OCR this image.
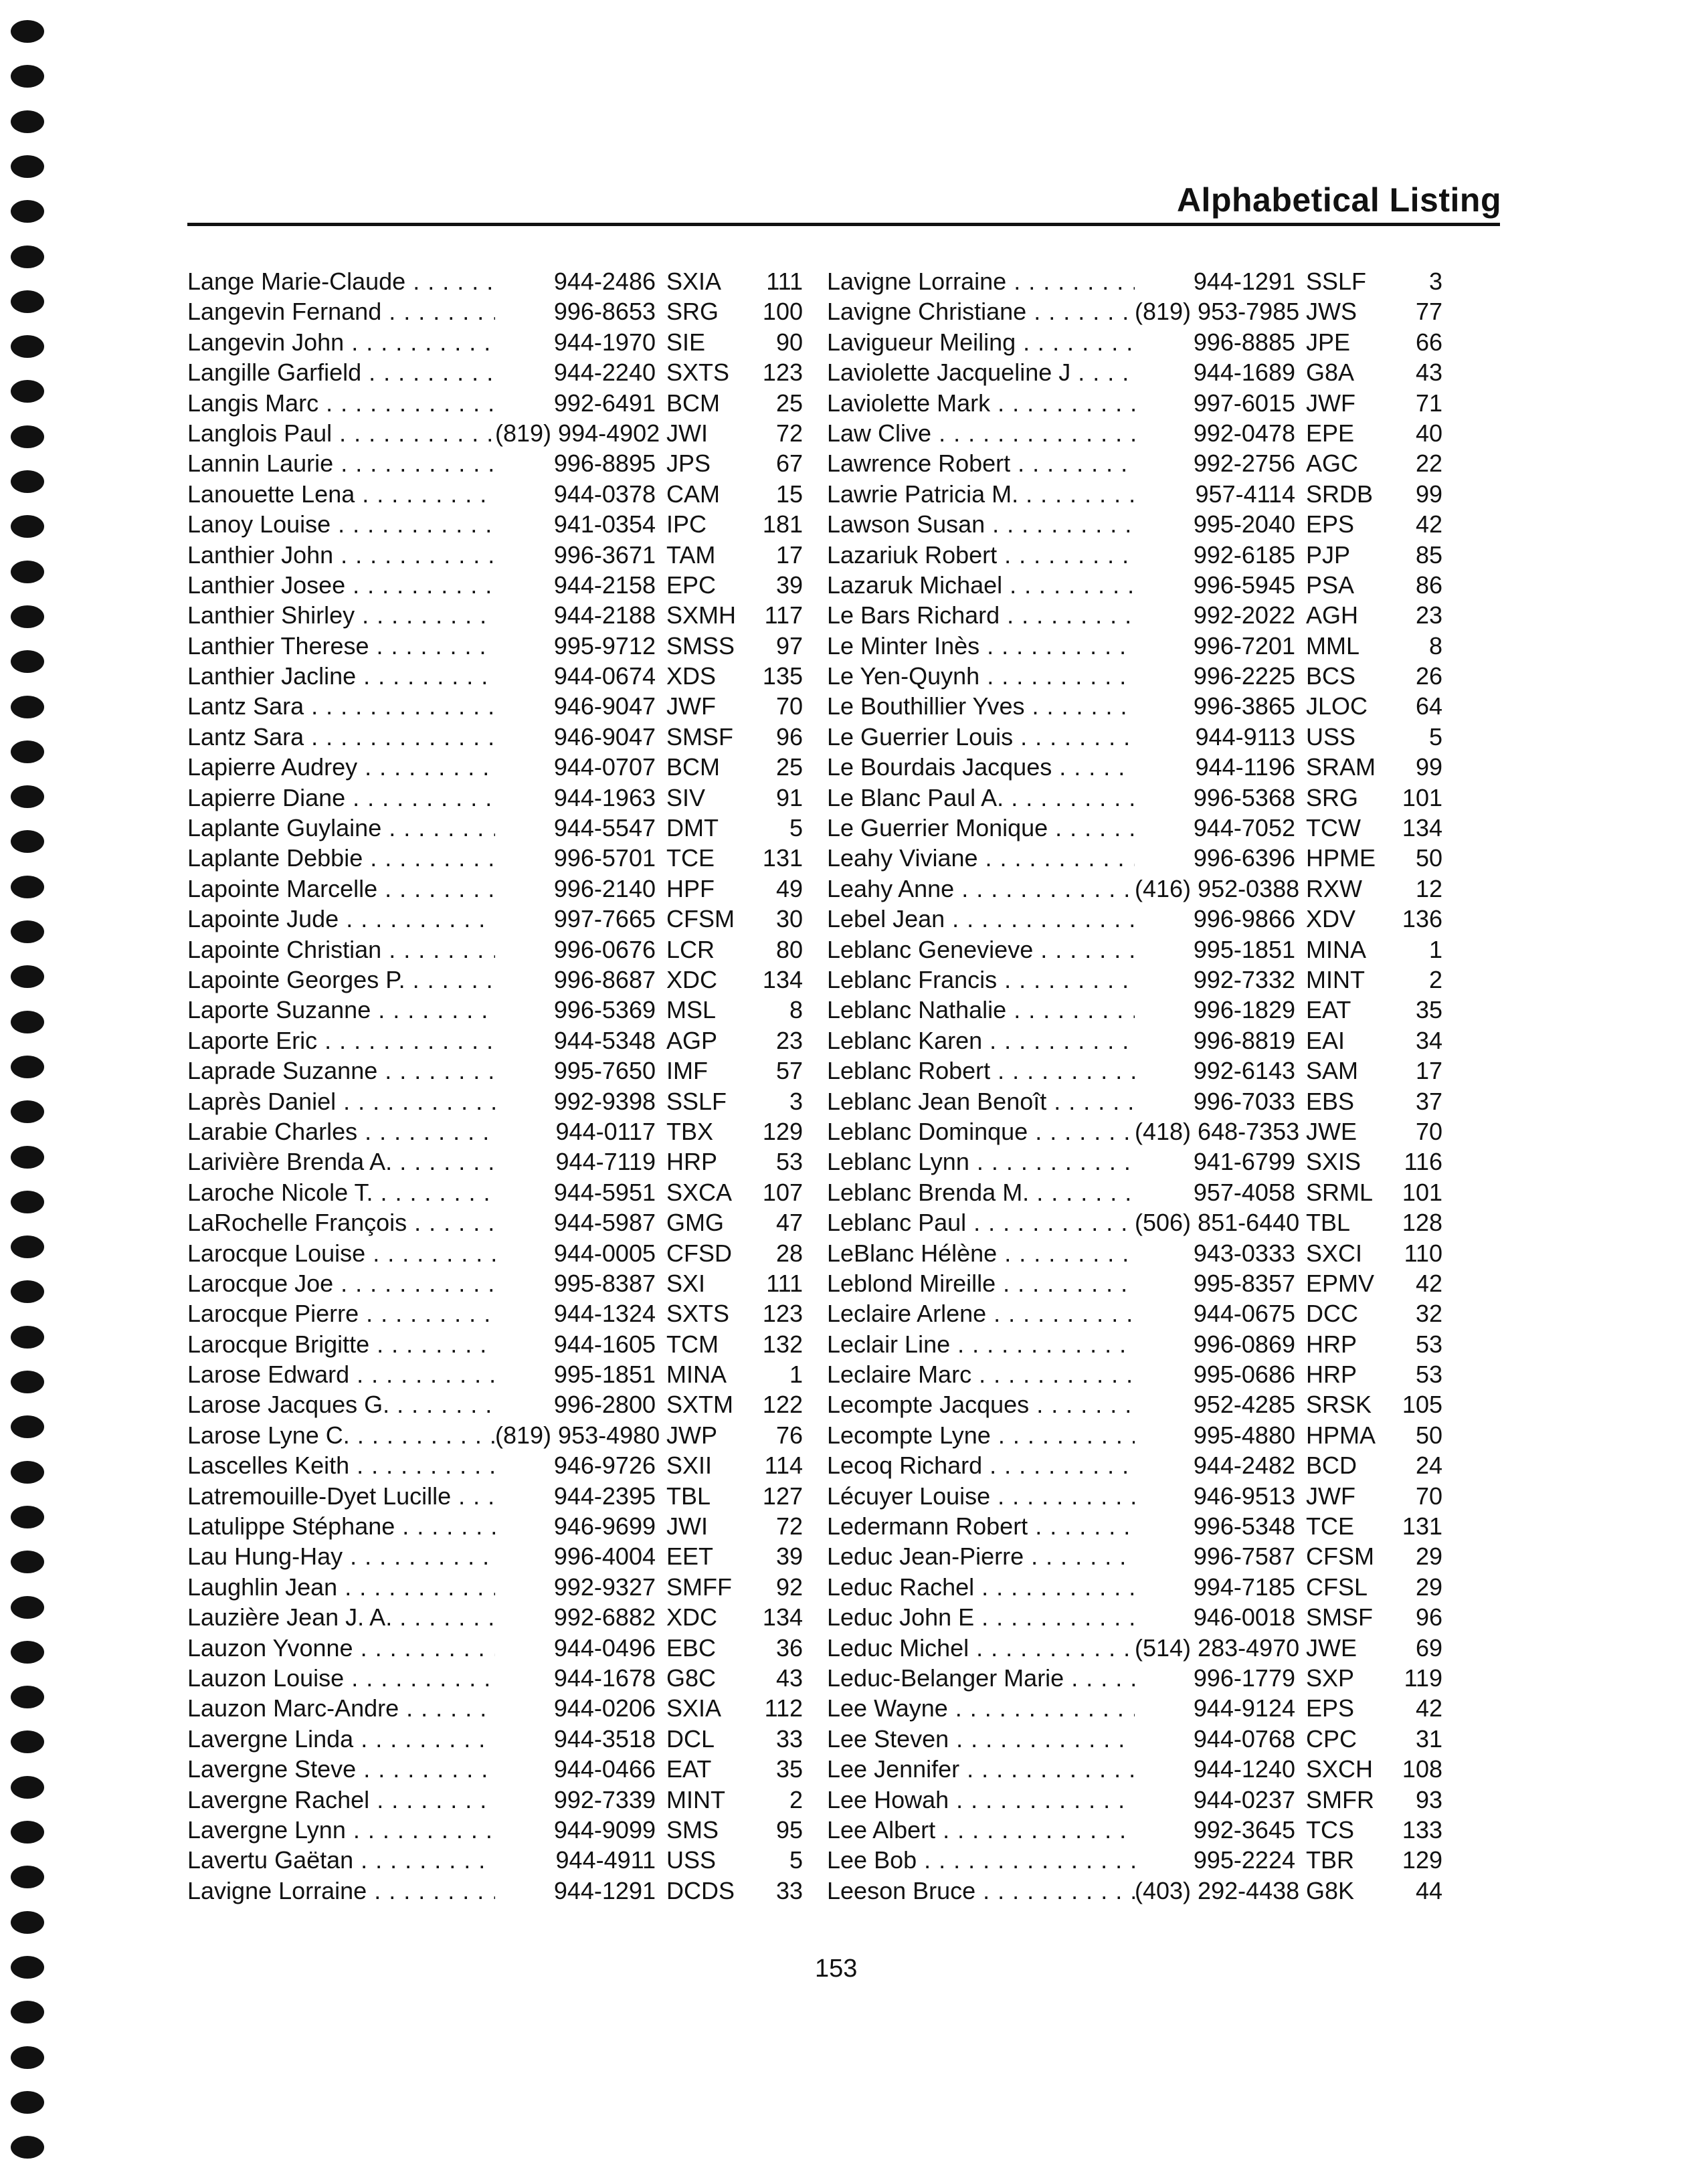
Alphabetical Listing
Lange Marie-Claude . . .	944-2486 SXIA	111
Langevin Fernand . . .	996-8653 SRG	100
Langevin John . . .	944-1970 SIE	90
Langille Garfield . . .	944-2240 SXTS	123
Langis Marc . . .	992-6491 BCM	25
Langlois Paul . . .	(819) 994-4902 JWI	72
Lannin Laurie . . .	996-8895 JPS	67
Lanouette Lena . . .	944-0378 CAM	15
Lanoy Louise . . .	941-0354 IPC	181
Lanthier John . . .	996-3671 TAM	17
Lanthier Josee . . .	944-2158 EPC	39
Lanthier Shirley . . .	944-2188 SXMH	117
Lanthier Therese . . .	995-9712 SMSS	97
Lanthier Jacline . . .	944-0674 XDS	135
Lantz Sara . . .	946-9047 JWF	70
Lantz Sara . . .	946-9047 SMSF	96
Lapierre Audrey . . .	944-0707 BCM	25
Lapierre Diane . . .	944-1963 SIV	91
Laplante Guylaine . . .	944-5547 DMT	5
Laplante Debbie . . .	996-5701 TCE	131
Lapointe Marcelle . . .	996-2140 HPF	49
Lapointe Jude . . .	997-7665 CFSM	30
Lapointe Christian . . .	996-0676 LCR	80
Lapointe Georges P. . . .	996-8687 XDC	134
Laporte Suzanne . . .	996-5369 MSL	8
Laporte Eric . . .	944-5348 AGP	23
Laprade Suzanne . . .	995-7650 IMF	57
Laprès Daniel . . .	992-9398 SSLF	3
Larabie Charles . . .	944-0117 TBX	129
Larivière Brenda A. . . .	944-7119 HRP	53
Laroche Nicole T. . . .	944-5951 SXCA	107
LaRochelle François . . .	944-5987 GMG	47
Larocque Louise . . .	944-0005 CFSD	28
Larocque Joe . . .	995-8387 SXI	111
Larocque Pierre . . .	944-1324 SXTS	123
Larocque Brigitte . . .	944-1605 TCM	132
Larose Edward . . .	995-1851 MINA	1
Larose Jacques G. . . .	996-2800 SXTM	122
Larose Lyne C. . . .	(819) 953-4980 JWP	76
Lascelles Keith . . .	946-9726 SXII	114
Latremouille-Dyet Lucille . . .	944-2395 TBL	127
Latulippe Stéphane . . .	946-9699 JWI	72
Lau Hung-Hay . . .	996-4004 EET	39
Laughlin Jean . . .	992-9327 SMFF	92
Lauzière Jean J. A. . . .	992-6882 XDC	134
Lauzon Yvonne . . .	944-0496 EBC	36
Lauzon Louise . . .	944-1678 G8C	43
Lauzon Marc-Andre . . .	944-0206 SXIA	112
Lavergne Linda . . .	944-3518 DCL	33
Lavergne Steve . . .	944-0466 EAT	35
Lavergne Rachel . . .	992-7339 MINT	2
Lavergne Lynn . . .	944-9099 SMS	95
Lavertu Gaëtan . . .	944-4911 USS	5
Lavigne Lorraine . . .	944-1291 DCDS	33
Lavigne Lorraine . . .	944-1291 SSLF	3
Lavigne Christiane . . .	(819) 953-7985 JWS	77
Lavigueur Meiling . . .	996-8885 JPE	66
Laviolette Jacqueline J . . .	944-1689 G8A	43
Laviolette Mark . . .	997-6015 JWF	71
Law Clive . . .	992-0478 EPE	40
Lawrence Robert . . .	992-2756 AGC	22
Lawrie Patricia M. . . .	957-4114 SRDB	99
Lawson Susan . . .	995-2040 EPS	42
Lazariuk Robert . . .	992-6185 PJP	85
Lazaruk Michael . . .	996-5945 PSA	86
Le Bars Richard . . .	992-2022 AGH	23
Le Minter Inès . . .	996-7201 MML	8
Le Yen-Quynh . . .	996-2225 BCS	26
Le Bouthillier Yves . . .	996-3865 JLOC	64
Le Guerrier Louis . . .	944-9113 USS	5
Le Bourdais Jacques . . .	944-1196 SRAM	99
Le Blanc Paul A. . . .	996-5368 SRG	101
Le Guerrier Monique . . .	944-7052 TCW	134
Leahy Viviane . . .	996-6396 HPME	50
Leahy Anne . . .	(416) 952-0388 RXW	12
Lebel Jean . . .	996-9866 XDV	136
Leblanc Genevieve . . .	995-1851 MINA	1
Leblanc Francis . . .	992-7332 MINT	2
Leblanc Nathalie . . .	996-1829 EAT	35
Leblanc Karen . . .	996-8819 EAI	34
Leblanc Robert . . .	992-6143 SAM	17
Leblanc Jean Benoît . . .	996-7033 EBS	37
Leblanc Dominque . . .	(418) 648-7353 JWE	70
Leblanc Lynn . . .	941-6799 SXIS	116
Leblanc Brenda M. . . .	957-4058 SRML	101
Leblanc Paul . . .	(506) 851-6440 TBL	128
LeBlanc Hélène . . .	943-0333 SXCI	110
Leblond Mireille . . .	995-8357 EPMV	42
Leclaire Arlene . . .	944-0675 DCC	32
Leclair Line . . .	996-0869 HRP	53
Leclaire Marc . . .	995-0686 HRP	53
Lecompte Jacques . . .	952-4285 SRSK	105
Lecompte Lyne . . .	995-4880 HPMA	50
Lecoq Richard . . .	944-2482 BCD	24
Lécuyer Louise . . .	946-9513 JWF	70
Ledermann Robert . . .	996-5348 TCE	131
Leduc Jean-Pierre . . .	996-7587 CFSM	29
Leduc Rachel . . .	994-7185 CFSL	29
Leduc John E . . .	946-0018 SMSF	96
Leduc Michel . . .	(514) 283-4970 JWE	69
Leduc-Belanger Marie . . .	996-1779 SXP	119
Lee Wayne . . .	944-9124 EPS	42
Lee Steven . . .	944-0768 CPC	31
Lee Jennifer . . .	944-1240 SXCH	108
Lee Howah . . .	944-0237 SMFR	93
Lee Albert . . .	992-3645 TCS	133
Lee Bob . . .	995-2224 TBR	129
Leeson Bruce . . .	(403) 292-4438 G8K	44
153
